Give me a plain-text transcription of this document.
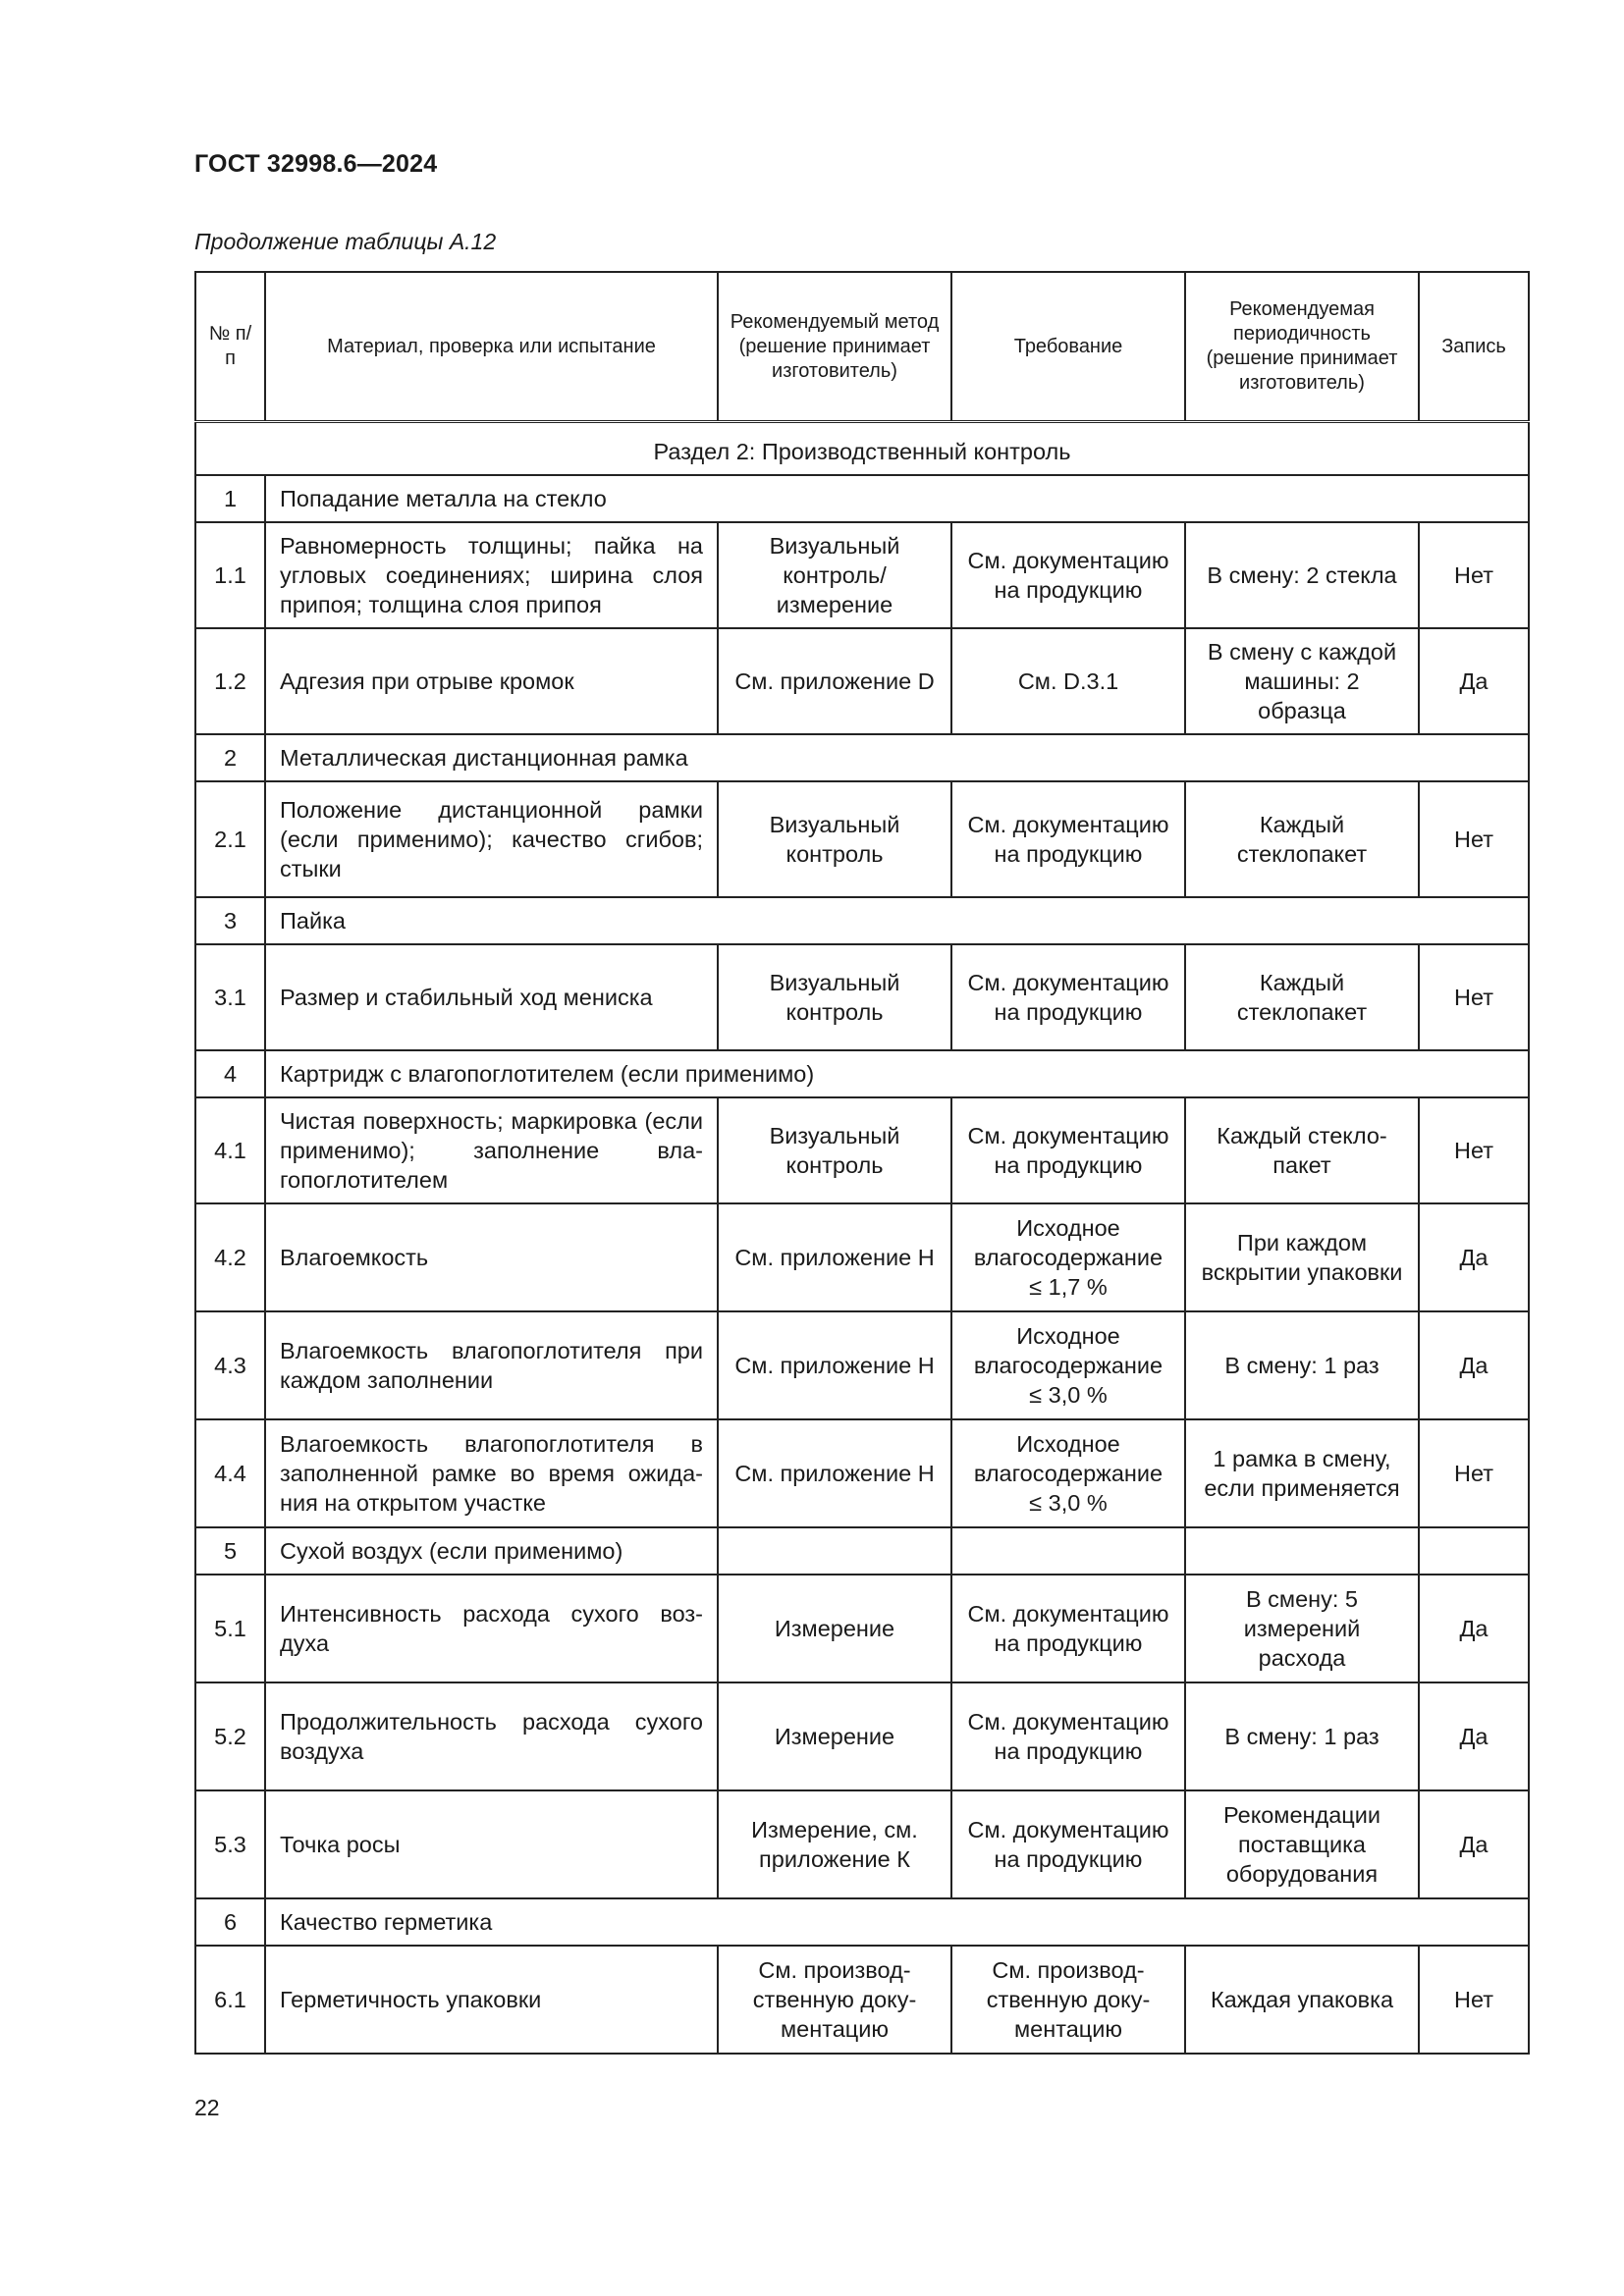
ГОСТ 32998.6—2024
Продолжение таблицы А.12
№ п/п	Материал, проверка или испытание	Рекомендуемый метод (решение принимает изготовитель)	Требование	Рекомендуемая периодичность (решение принимает изготовитель)	Запись

Раздел 2: Производственный контроль					
1	Попадание металла на стекло				
1.1	Равномерность толщины; пайка на угловых соединениях; ширина слоя припоя; толщина слоя припоя	Визуальный контроль/ измерение	См. документацию на продукцию	В смену: 2 стекла	Нет
1.2	Адгезия при отрыве кромок	См. приложение D	См. D.3.1	В смену с каждой машины: 2 образца	Да
2	Металлическая дистанционная рамка				
2.1	Положение дистанционной рамки (если применимо); качество сгибов; стыки	Визуальный контроль	См. документацию на продукцию	Каждый стеклопакет	Нет
3	Пайка				
3.1	Размер и стабильный ход мениска	Визуальный контроль	См. документацию на продукцию	Каждый стеклопакет	Нет
4	Картридж с влагопоглотителем (если применимо)				
4.1	Чистая поверхность; маркировка (если применимо); заполнение вла-гопоглотителем	Визуальный контроль	См. документацию на продукцию	Каждый стекло-пакет	Нет
4.2	Влагоемкость	См. приложение Н	Исходное влагосодержание ≤ 1,7 %	При каждом вскрытии упаковки	Да
4.3	Влагоемкость влагопоглотителя при каждом заполнении	См. приложение Н	Исходное влагосодержание ≤ 3,0 %	В смену: 1 раз	Да
4.4	Влагоемкость влагопоглотителя в заполненной рамке во время ожида-ния на открытом участке	См. приложение Н	Исходное влагосодержание ≤ 3,0 %	1 рамка в смену, если применяется	Нет
5	Сухой воздух (если применимо)				
5.1	Интенсивность расхода сухого воз-духа	Измерение	См. документацию на продукцию	В смену: 5 измерений расхода	Да
5.2	Продолжительность расхода сухого воздуха	Измерение	См. документацию на продукцию	В смену: 1 раз	Да
5.3	Точка росы	Измерение, см. приложение К	См. документацию на продукцию	Рекомендации поставщика оборудования	Да
6	Качество герметика				
6.1	Герметичность упаковки	См. производ-ственную доку-ментацию	См. производ-ственную доку-ментацию	Каждая упаковка	Нет
22
